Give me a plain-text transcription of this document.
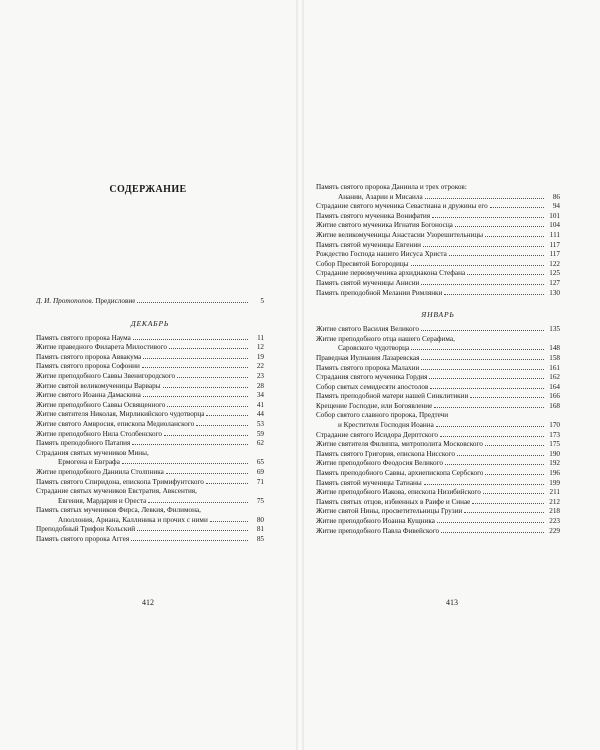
СОДЕРЖАНИЕ
Д. И. Протопопов. Предисловие	5
ДЕКАБРЬ
Память святого пророка Наума	11
Житие праведного Филарета Милостивого	12
Память святого пророка Аввакума	19
Память святого пророка Софонии	22
Житие преподобного Саввы Звенигородского	23
Житие святой великомученицы Варвары	28
Житие святого Иоанна Дамаскина	34
Житие преподобного Саввы Освященного	41
Житие святителя Николая, Мирликийского чудотворца	44
Житие святого Амвросия, епископа Медиоланского	53
Житие преподобного Нила Столбенского	59
Память преподобного Патапия	62
Страдания святых мучеников Мины,
Ермогена и Евграфа	65
Житие преподобного Даниила Столпника	69
Память святого Спиридона, епископа Тримифунтского	71
Страдание святых мучеников Евстратия, Авксентия,
Евгения, Мардария и Ореста	75
Память святых мучеников Фирса, Левкия, Филимона,
Аполлония, Ариана, Каллиника и прочих с ними	80
Преподобный Трифон Кольский	81
Память святого пророка Аггея	85
412
Память святого пророка Даниила и трех отроков:
Анании, Азарии и Мисаила	86
Страдание святого мученика Севастиана и дружины его	94
Память святого мученика Вонифатия	101
Житие святого мученика Игнатия Богоносца	104
Житие великомученицы Анастасии Узорешительницы	111
Память святой мученицы Евгении	117
Рождество Господа нашего Иисуса Христа	117
Собор Пресвятой Богородицы	122
Страдание первомученика архидиакона Стефана	125
Память святой мученицы Анисии	127
Память преподобной Мелании Римлянки	130
ЯНВАРЬ
Житие святого Василия Великого	135
Житие преподобного отца нашего Серафима,
Саровского чудотворца	148
Праведная Иулиания Лазаревская	158
Память святого пророка Малахии	161
Страдания святого мученика Гордия	162
Собор святых семидесяти апостолов	164
Память преподобной матери нашей Синклитикии	166
Крещение Господне, или Богоявление	168
Собор святого славного пророка, Предтечи
и Крестителя Господня Иоанна	170
Страдание святого Исидора Дерптского	173
Житие святителя Филиппа, митрополита Московского	175
Память святого Григория, епископа Нисского	190
Житие преподобного Феодосия Великого	192
Память преподобного Саввы, архиепископа Сербского	196
Память святой мученицы Татианы	199
Житие преподобного Иакова, епископа Низибийского	211
Память святых отцов, избиенных в Раифе и Синае	212
Житие святой Нины, просветительницы Грузии	218
Житие преподобного Иоанна Кущника	223
Житие преподобного Павла Фивейского	229
413
